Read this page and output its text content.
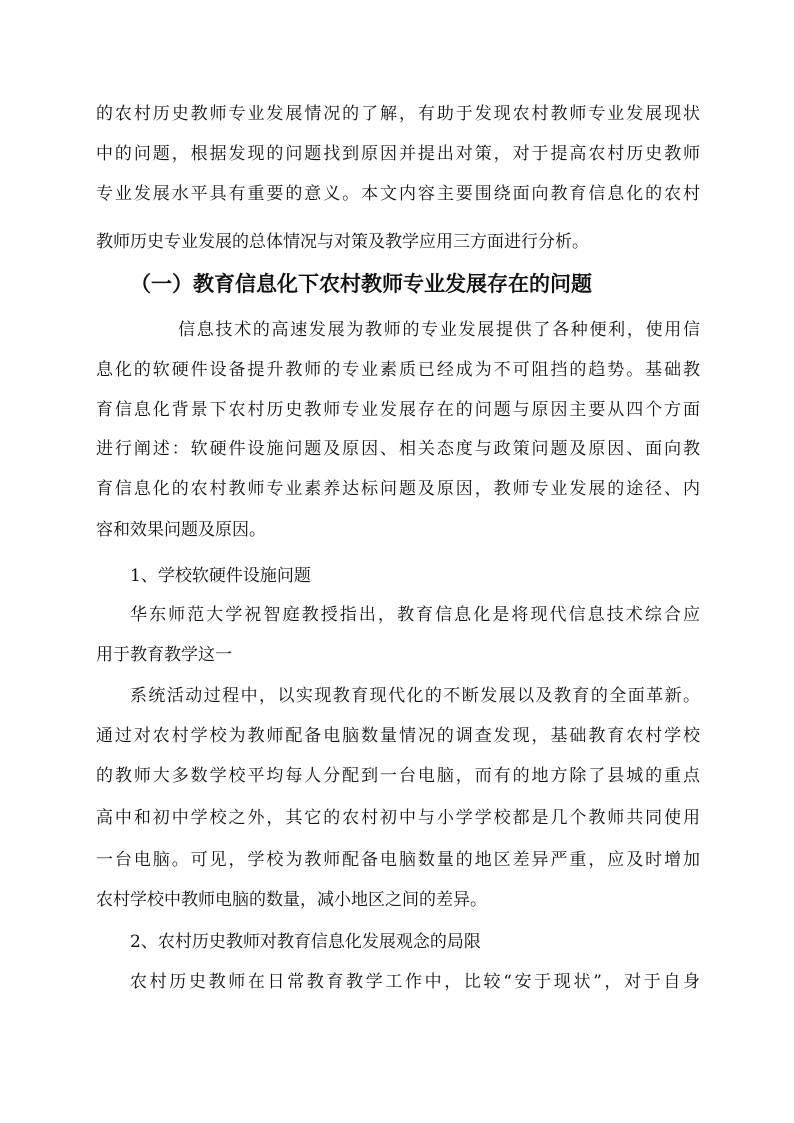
的农村历史教师专业发展情况的了解，有助于发现农村教师专业发展现状
中的问题，根据发现的问题找到原因并提出对策，对于提高农村历史教师
专业发展水平具有重要的意义。本文内容主要围绕面向教育信息化的农村
教师历史专业发展的总体情况与对策及教学应用三方面进行分析。
（一）教育信息化下农村教师专业发展存在的问题
信息技术的高速发展为教师的专业发展提供了各种便利，使用信
息化的软硬件设备提升教师的专业素质已经成为不可阻挡的趋势。基础教
育信息化背景下农村历史教师专业发展存在的问题与原因主要从四个方面
进行阐述：软硬件设施问题及原因、相关态度与政策问题及原因、面向教
育信息化的农村教师专业素养达标问题及原因，教师专业发展的途径、内
容和效果问题及原因。
1、学校软硬件设施问题
华东师范大学祝智庭教授指出，教育信息化是将现代信息技术综合应
用于教育教学这一
系统活动过程中，以实现教育现代化的不断发展以及教育的全面革新。
通过对农村学校为教师配备电脑数量情况的调查发现，基础教育农村学校
的教师大多数学校平均每人分配到一台电脑，而有的地方除了县城的重点
高中和初中学校之外，其它的农村初中与小学学校都是几个教师共同使用
一台电脑。可见，学校为教师配备电脑数量的地区差异严重，应及时增加
农村学校中教师电脑的数量，减小地区之间的差异。
2、农村历史教师对教育信息化发展观念的局限
农村历史教师在日常教育教学工作中，比较“安于现状”，对于自身
